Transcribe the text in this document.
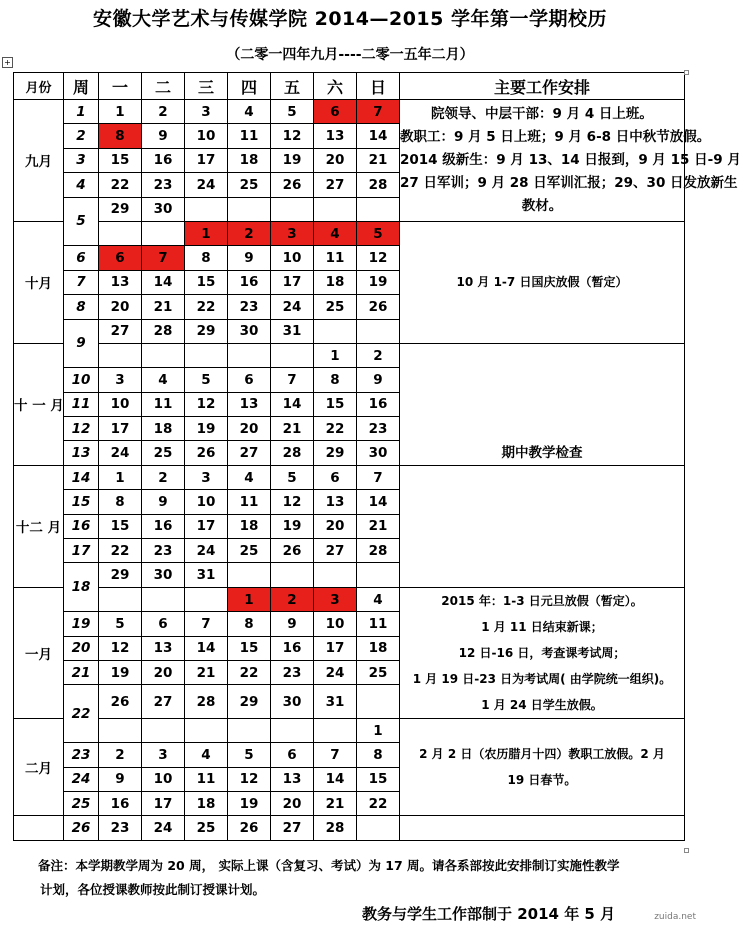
安徽大学艺术与传媒学院 2014—2015 学年第一学期校历
（二零一四年九月----二零一五年二月）
+
月份	周	一	二	三	四	五	六	日	主要工作安排
九月	1	1	2	3	4	5	6	7	院领导、中层干部：9 月 4 日上班。
教职工：9 月 5 日上班；9 月 6-8 日中秋节放假。
2014 级新生：9 月 13、14 日报到，9 月 15 日-9 月
27 日军训；9 月 28 日军训汇报；29、30 日发放新生
教材。

	2	8	9	10	11	12	13	14	
	3	15	16	17	18	19	20	21	
	4	22	23	24	25	26	27	28	
	5	29	30						
十月				1	2	3	4	5	10 月 1-7 日国庆放假（暂定）

	6	6	7	8	9	10	11	12	
	7	13	14	15	16	17	18	19	
	8	20	21	22	23	24	25	26	
	9	27	28	29	30	31			
十 一 月							1	2	期中教学检查

	10	3	4	5	6	7	8	9	
	11	10	11	12	13	14	15	16	
	12	17	18	19	20	21	22	23	
	13	24	25	26	27	28	29	30	
十二 月	14	1	2	3	4	5	6	7	
	15	8	9	10	11	12	13	14	
	16	15	16	17	18	19	20	21	
	17	22	23	24	25	26	27	28	
	18	29	30	31					
一月					1	2	3	4	2015 年：1-3 日元旦放假（暂定）。
1 月 11 日结束新课；
12 日-16 日，考查课考试周；
1 月 19 日-23 日为考试周( 由学院统一组织)。
1 月 24 日学生放假。

	19	5	6	7	8	9	10	11	
	20	12	13	14	15	16	17	18	
	21	19	20	21	22	23	24	25	
	22	26	27	28	29	30	31		
二月								1	2 月 2 日（农历腊月十四）教职工放假。2 月
19 日春节。

	23	2	3	4	5	6	7	8	
	24	9	10	11	12	13	14	15	
	25	16	17	18	19	20	21	22	
	26	23	24	25	26	27	28		
备注：本学期教学周为 20 周， 实际上课（含复习、考试）为 17 周。请各系部按此安排制订实施性教学
计划，各位授课教师按此制订授课计划。
教务与学生工作部制于 2014 年 5 月	zuida.net
